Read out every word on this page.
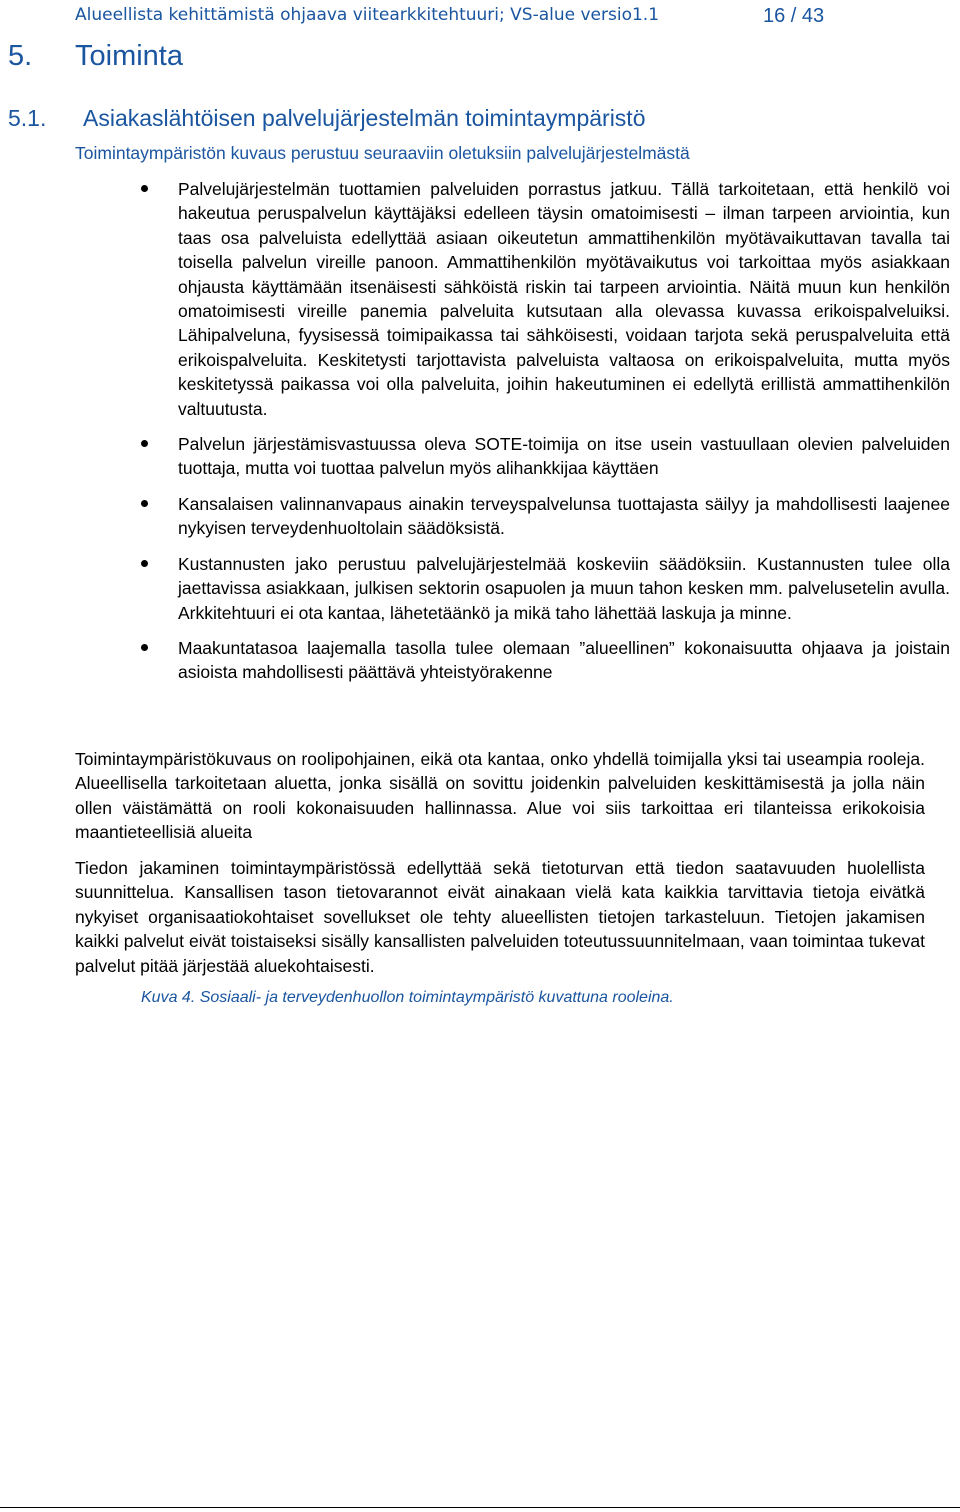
Alueellista kehittämistä ohjaava viitearkkitehtuuri; VS-alue versio1.1	16 / 43
5. Toiminta
5.1. Asiakaslähtöisen palvelujärjestelmän toimintaympäristö
Toimintaympäristön kuvaus perustuu seuraaviin oletuksiin palvelujärjestelmästä
Palvelujärjestelmän tuottamien palveluiden porrastus jatkuu. Tällä tarkoitetaan, että henkilö voi hakeutua peruspalvelun käyttäjäksi edelleen täysin omatoimisesti – ilman tarpeen arviointia, kun taas osa palveluista edellyttää asiaan oikeutetun ammattihenkilön myötävaikuttavan tavalla tai toisella palvelun vireille panoon. Ammattihenkilön myötävaikutus voi tarkoittaa myös asiakkaan ohjausta käyttämään itsenäisesti sähköistä riskin tai tarpeen arviointia. Näitä muun kun henkilön omatoimisesti vireille panemia palveluita kutsutaan alla olevassa kuvassa erikoispalveluiksi. Lähipalveluna, fyysisessä toimipaikassa tai sähköisesti, voidaan tarjota sekä peruspalveluita että erikoispalveluita. Keskitetysti tarjottavista palveluista valtaosa on erikoispalveluita, mutta myös keskitetyssä paikassa voi olla palveluita, joihin hakeutuminen ei edellytä erillistä ammattihenkilön valtuutusta.
Palvelun järjestämisvastuussa oleva SOTE-toimija on itse usein vastuullaan olevien palveluiden tuottaja, mutta voi tuottaa palvelun myös alihankkijaa käyttäen
Kansalaisen valinnanvapaus ainakin terveyspalvelunsa tuottajasta säilyy ja mahdollisesti laajenee nykyisen terveydenhuoltolain säädöksistä.
Kustannusten jako perustuu palvelujärjestelmää koskeviin säädöksiin. Kustannusten tulee olla jaettavissa asiakkaan, julkisen sektorin osapuolen ja muun tahon kesken mm. palvelusetelin avulla. Arkkitehtuuri ei ota kantaa, lähetetäänkö ja mikä taho lähettää laskuja ja minne.
Maakuntatasoa laajemalla tasolla tulee olemaan ”alueellinen” kokonaisuutta ohjaava ja joistain asioista mahdollisesti päättävä yhteistyörakenne

Toimintaympäristökuvaus on roolipohjainen, eikä ota kantaa, onko yhdellä toimijalla yksi tai useampia rooleja. Alueellisella tarkoitetaan aluetta, jonka sisällä on sovittu joidenkin palveluiden keskittämisestä ja jolla näin ollen väistämättä on rooli kokonaisuuden hallinnassa. Alue voi siis tarkoittaa eri tilanteissa erikokoisia maantieteellisiä alueita

Tiedon jakaminen toimintaympäristössä edellyttää sekä tietoturvan että tiedon saatavuuden huolellista suunnittelua. Kansallisen tason tietovarannot eivät ainakaan vielä kata kaikkia tarvittavia tietoja eivätkä nykyiset organisaatiokohtaiset sovellukset ole tehty alueellisten tietojen tarkasteluun. Tietojen jakamisen kaikki palvelut eivät toistaiseksi sisälly kansallisten palveluiden toteutussuunnitelmaan, vaan toimintaa tukevat palvelut pitää järjestää aluekohtaisesti.

Kuva 4. Sosiaali- ja terveydenhuollon toimintaympäristö kuvattuna rooleina.
